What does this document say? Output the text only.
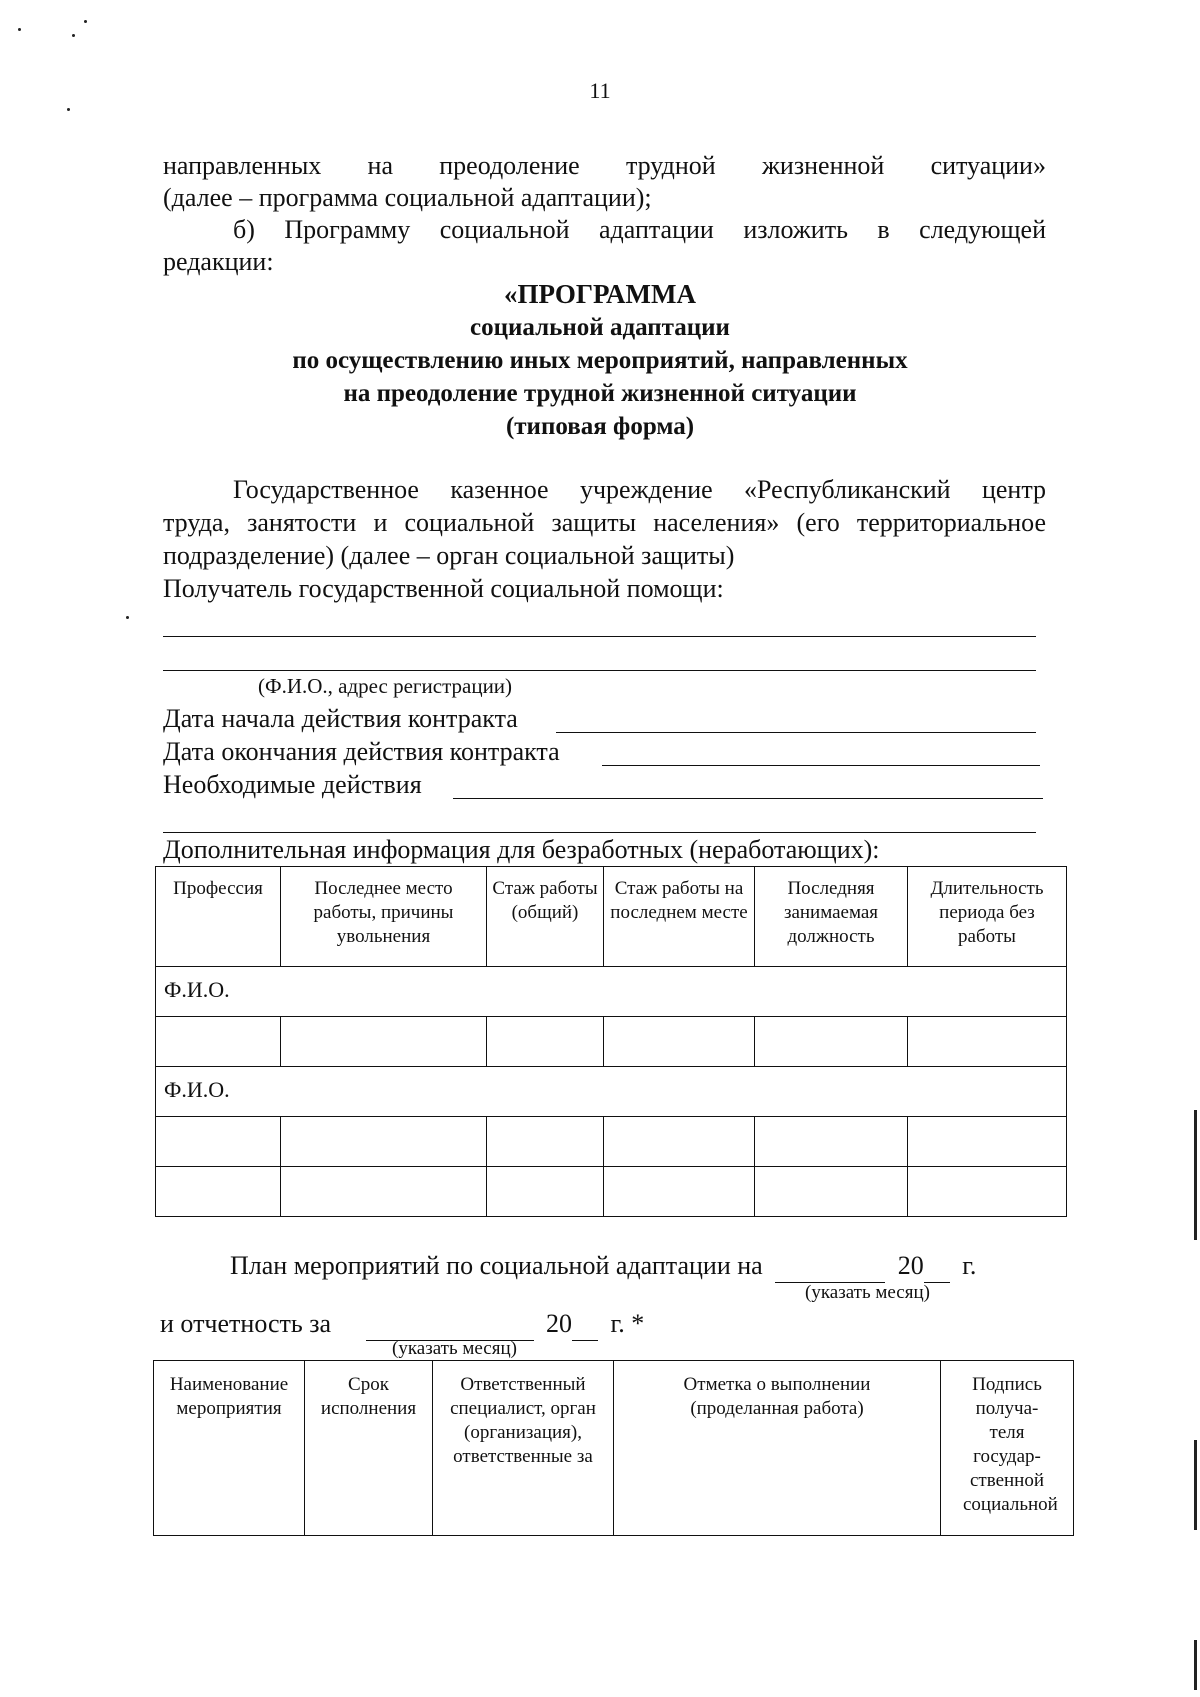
11
направленных на преодоление трудной жизненной ситуации»
(далее – программа социальной адаптации);
б) Программу социальной адаптации изложить в следующей
редакции:
«ПРОГРАММА
социальной адаптации
по осуществлению иных мероприятий, направленных
на преодоление трудной жизненной ситуации
(типовая форма)
Государственное казенное учреждение «Республиканский центр
труда, занятости и социальной защиты населения» (его территориальное
подразделение) (далее – орган социальной защиты)
Получатель государственной социальной помощи:
(Ф.И.О., адрес регистрации)
Дата начала действия контракта
Дата окончания действия контракта
Необходимые действия
Дополнительная информация для безработных (неработающих):
Профессия	Последнее место работы, причины увольнения	Стаж работы (общий)	Стаж работы на последнем месте	Последняя занимаемая должность	Длительность периода без работы
Ф.И.О.					

Ф.И.О.					

План мероприятий по социальной адаптации на	20 г.
(указать месяц)
и отчетность за	20 г. *
(указать месяц)
Наименование мероприятия	Срок исполнения	Ответственный специалист, орган (организация), ответственные за	Отметка о выполнении (проделанная работа)	Подпись получа-теля государ-ственной социальной
